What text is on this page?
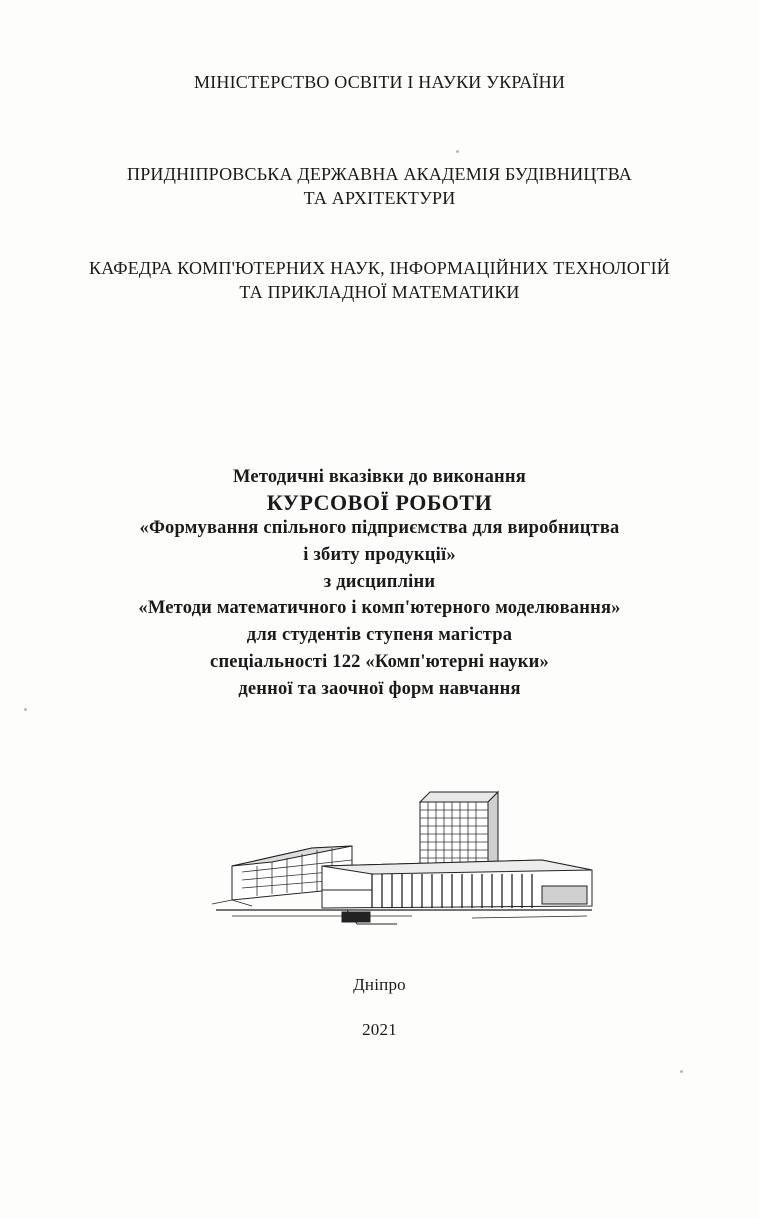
МІНІСТЕРСТВО ОСВІТИ І НАУКИ УКРАЇНИ
ПРИДНІПРОВСЬКА ДЕРЖАВНА АКАДЕМІЯ БУДІВНИЦТВА
ТА АРХІТЕКТУРИ
КАФЕДРА КОМП'ЮТЕРНИХ НАУК, ІНФОРМАЦІЙНИХ ТЕХНОЛОГІЙ
ТА ПРИКЛАДНОЇ МАТЕМАТИКИ
Методичні вказівки до виконання
КУРСОВОЇ РОБОТИ
«Формування спільного підприємства для виробництва
і збиту продукції»
з дисципліни
«Методи математичного і комп'ютерного моделювання»
для студентів ступеня магістра
спеціальності 122 «Комп'ютерні науки»
денної та заочної форм навчання
Дніпро
2021
